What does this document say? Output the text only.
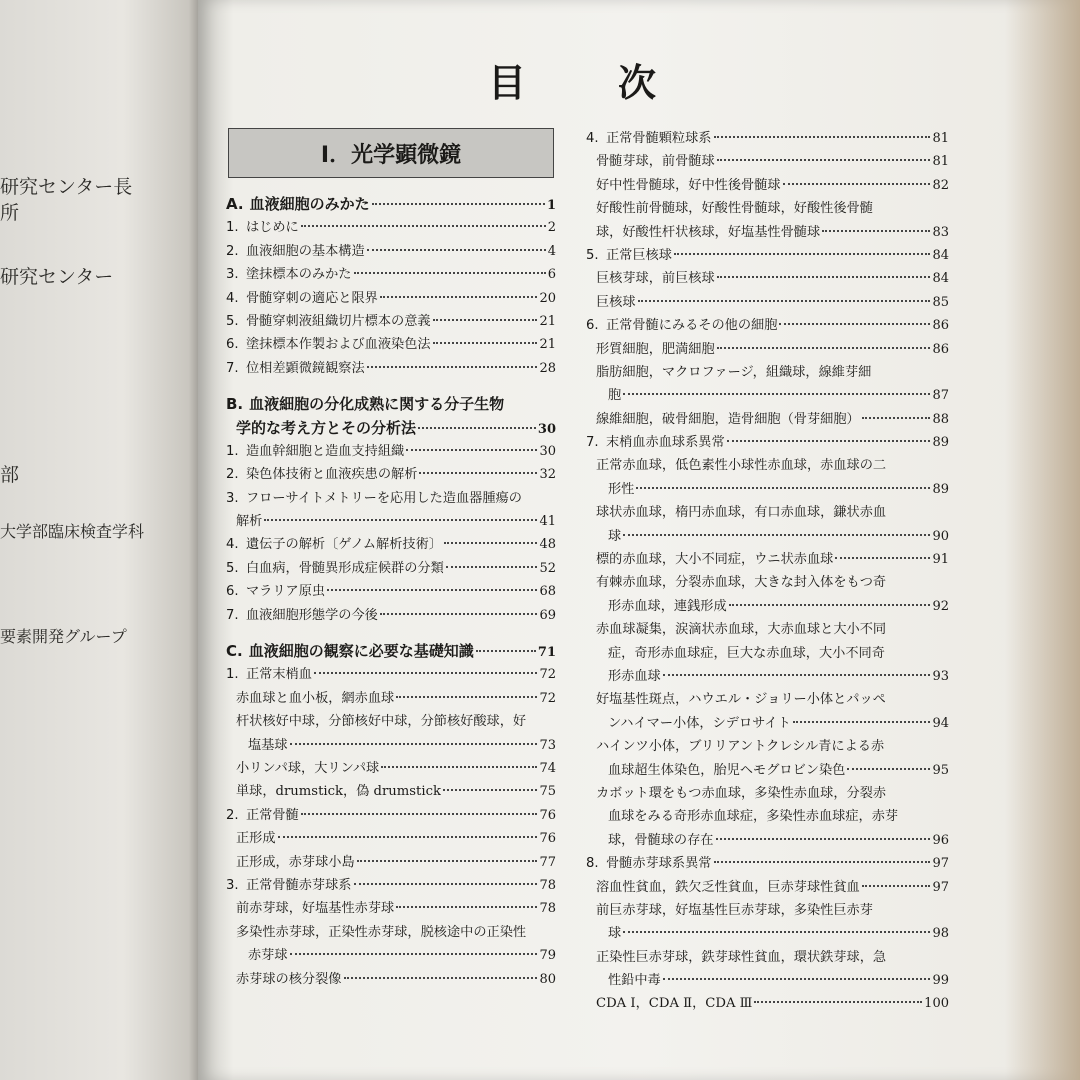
研究センター長
所
研究センター
部
大学部臨床検査学科
要素開発グループ
目 次
Ⅰ．光学顕微鏡
A. 血液細胞のみかた	1
1. はじめに	2
2. 血液細胞の基本構造	4
3. 塗抹標本のみかた	6
4. 骨髄穿刺の適応と限界	20
5. 骨髄穿刺液組織切片標本の意義	21
6. 塗抹標本作製および血液染色法	21
7. 位相差顕微鏡観察法	28
B. 血液細胞の分化成熟に関する分子生物
学的な考え方とその分析法	30
1. 造血幹細胞と造血支持組織	30
2. 染色体技術と血液疾患の解析	32
3. フローサイトメトリーを応用した造血器腫瘍の
解析	41
4. 遺伝子の解析〔ゲノム解析技術〕	48
5. 白血病，骨髄異形成症候群の分類	52
6. マラリア原虫	68
7. 血液細胞形態学の今後	69
C. 血液細胞の観察に必要な基礎知識	71
1. 正常末梢血	72
赤血球と血小板，網赤血球	72
杆状核好中球，分節核好中球，分節核好酸球，好
塩基球	73
小リンパ球，大リンパ球	74
単球，drumstick，偽 drumstick	75
2. 正常骨髄	76
正形成	76
正形成，赤芽球小島	77
3. 正常骨髄赤芽球系	78
前赤芽球，好塩基性赤芽球	78
多染性赤芽球，正染性赤芽球，脱核途中の正染性
赤芽球	79
赤芽球の核分裂像	80
4. 正常骨髄顆粒球系	81
骨髄芽球，前骨髄球	81
好中性骨髄球，好中性後骨髄球	82
好酸性前骨髄球，好酸性骨髄球，好酸性後骨髄
球，好酸性杆状核球，好塩基性骨髄球	83
5. 正常巨核球	84
巨核芽球，前巨核球	84
巨核球	85
6. 正常骨髄にみるその他の細胞	86
形質細胞，肥満細胞	86
脂肪細胞，マクロファージ，組織球，線維芽細
胞	87
線維細胞，破骨細胞，造骨細胞（骨芽細胞）	88
7. 末梢血赤血球系異常	89
正常赤血球，低色素性小球性赤血球，赤血球の二
形性	89
球状赤血球，楕円赤血球，有口赤血球，鎌状赤血
球	90
標的赤血球，大小不同症，ウニ状赤血球	91
有棘赤血球，分裂赤血球，大きな封入体をもつ奇
形赤血球，連銭形成	92
赤血球凝集，涙滴状赤血球，大赤血球と大小不同
症，奇形赤血球症，巨大な赤血球，大小不同奇
形赤血球	93
好塩基性斑点，ハウエル・ジョリー小体とパッペ
ンハイマー小体，シデロサイト	94
ハインツ小体，ブリリアントクレシル青による赤
血球超生体染色，胎児ヘモグロビン染色	95
カボット環をもつ赤血球，多染性赤血球，分裂赤
血球をみる奇形赤血球症，多染性赤血球症，赤芽
球，骨髄球の存在	96
8. 骨髄赤芽球系異常	97
溶血性貧血，鉄欠乏性貧血，巨赤芽球性貧血	97
前巨赤芽球，好塩基性巨赤芽球，多染性巨赤芽
球	98
正染性巨赤芽球，鉄芽球性貧血，環状鉄芽球，急
性鉛中毒	99
CDA Ⅰ，CDA Ⅱ，CDA Ⅲ	100
